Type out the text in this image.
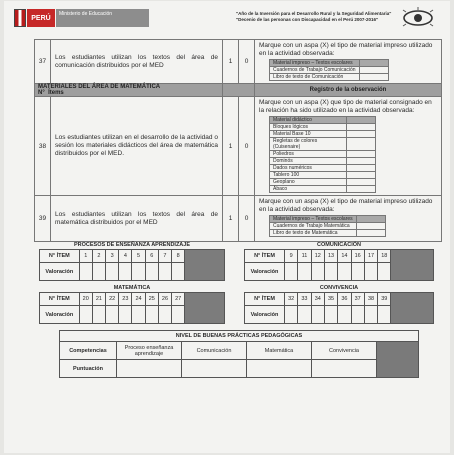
PERÚ
Ministerio de Educación	"Año de la Inversión para el Desarrollo Rural y la Seguridad Alimentaria"
"Decenio de las personas con Discapacidad en el Perú 2007-2016"
37	Los estudiantes utilizan los textos del área de comunicación distribuidos por el MED	1	0	
Marque con un aspa (X) el tipo de material impreso utilizado en la actividad observada:
Material impreso – Textos escolares	
Cuadernos de Trabajo Comunicación	
Libro de texto de Comunicación	

MATERIALES DEL ÁREA DE MATEMÁTICA
N° Ítems		Registro de la observación
38	Los estudiantes utilizan en el desarrollo de la actividad o sesión los materiales didácticos del área de matemática distribuidos por el MED.	1	0	
Marque con un aspa (X) que tipo de material consignado en la relación ha sido utilizado en la actividad observada:
Material didáctico	
Bloques lógicos	
Material Base 10	
Regletas de colores (Cuisenaire)	
Poliedros	
Dominós	
Dados numéricos	
Tablero 100	
Geoplano	
Ábaco	

39	Los estudiantes utilizan los textos del área de matemática distribuidos por el MED	1	0	
Marque con un aspa (X) el tipo de material impreso utilizado en la actividad observada:
Material impreso – Textos escolares	
Cuadernos de Trabajo Matemática	
Libro de texto de Matemática	
PROCESOS DE ENSEÑANZA APRENDIZAJE									
N° ÍTEM	1	2	3	4	5	6	7	8	
Valoración									
COMUNICACIÓN									
N° ÍTEM	9	11	12	13	14	16	17	18	
Valoración									
MATEMÁTICA									
N° ÍTEM	20	21	22	23	24	25	26	27	
Valoración									
CONVIVENCIA									
N° ÍTEM	32	33	34	35	36	37	38	39	
Valoración									
NIVEL DE BUENAS PRÁCTICAS PEDAGÓGICAS					
Competencias	Proceso enseñanza aprendizaje	Comunicación	Matemática	Convivencia	
Puntuación					
